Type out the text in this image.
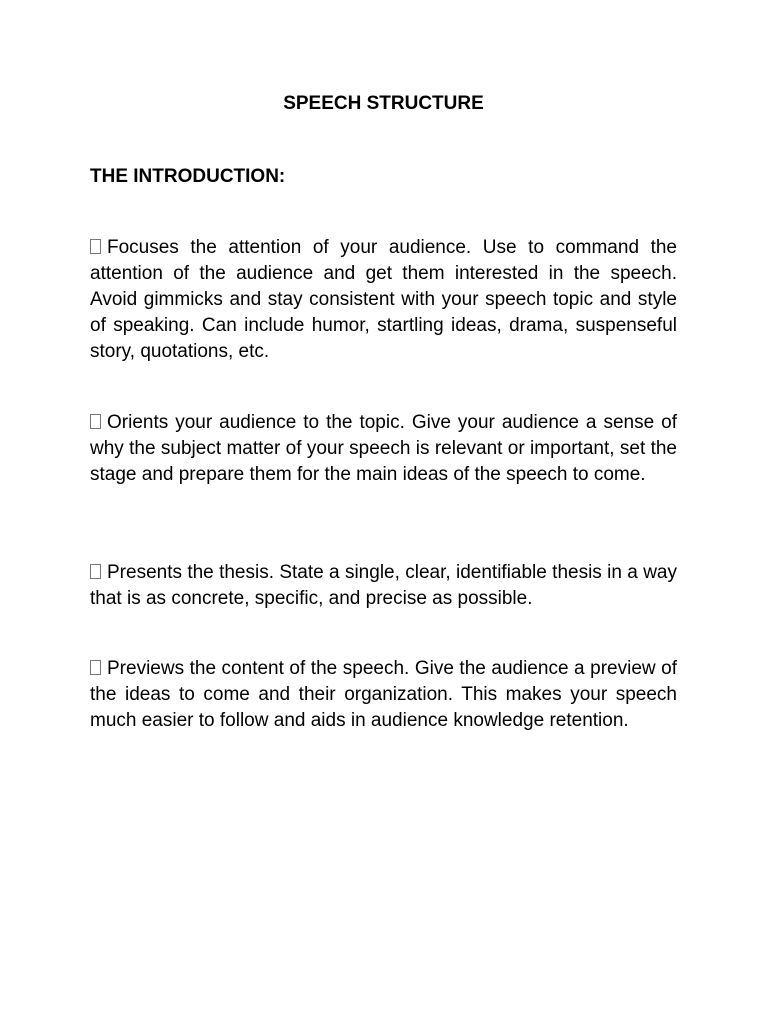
SPEECH STRUCTURE
THE INTRODUCTION:

Focuses the attention of your audience. Use to command the attention of the audience and get them interested in the speech. Avoid gimmicks and stay consistent with your speech topic and style of speaking. Can include humor, startling ideas, drama, suspenseful story, quotations, etc.

Orients your audience to the topic. Give your audience a sense of why the subject matter of your speech is relevant or important, set the stage and prepare them for the main ideas of the speech to come.

Presents the thesis. State a single, clear, identifiable thesis in a way that is as concrete, specific, and precise as possible.

Previews the content of the speech. Give the audience a preview of the ideas to come and their organization. This makes your speech much easier to follow and aids in audience knowledge retention.
